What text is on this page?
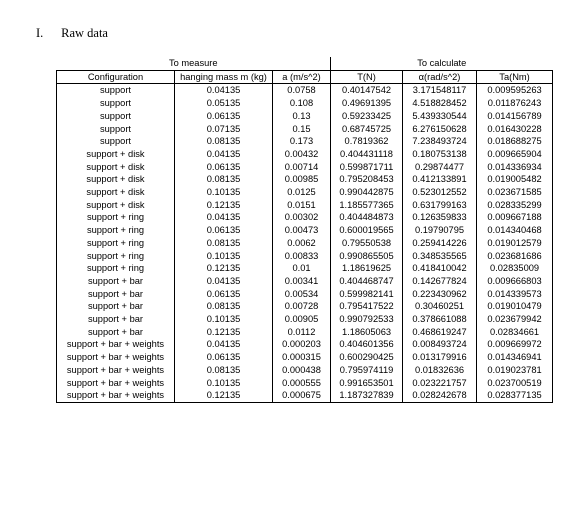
I. Raw data
To measure			To calculate		
Configuration	hanging mass m (kg)	a (m/s^2)	T(N)	α(rad/s^2)	Ta(Nm)
support	0.04135	0.0758	0.40147542	3.171548117	0.009595263
support	0.05135	0.108	0.49691395	4.518828452	0.011876243
support	0.06135	0.13	0.59233425	5.439330544	0.014156789
support	0.07135	0.15	0.68745725	6.276150628	0.016430228
support	0.08135	0.173	0.7819362	7.238493724	0.018688275
support + disk	0.04135	0.00432	0.404431118	0.180753138	0.009665904
support + disk	0.06135	0.00714	0.599871711	0.29874477	0.014336934
support + disk	0.08135	0.00985	0.795208453	0.412133891	0.019005482
support + disk	0.10135	0.0125	0.990442875	0.523012552	0.023671585
support + disk	0.12135	0.0151	1.185577365	0.631799163	0.028335299
support + ring	0.04135	0.00302	0.404484873	0.126359833	0.009667188
support + ring	0.06135	0.00473	0.600019565	0.19790795	0.014340468
support + ring	0.08135	0.0062	0.79550538	0.259414226	0.019012579
support + ring	0.10135	0.00833	0.990865505	0.348535565	0.023681686
support + ring	0.12135	0.01	1.18619625	0.418410042	0.02835009
support + bar	0.04135	0.00341	0.404468747	0.142677824	0.009666803
support + bar	0.06135	0.00534	0.599982141	0.223430962	0.014339573
support + bar	0.08135	0.00728	0.795417522	0.30460251	0.019010479
support + bar	0.10135	0.00905	0.990792533	0.378661088	0.023679942
support + bar	0.12135	0.0112	1.18605063	0.468619247	0.02834661
support + bar + weights	0.04135	0.000203	0.404601356	0.008493724	0.009669972
support + bar + weights	0.06135	0.000315	0.600290425	0.013179916	0.014346941
support + bar + weights	0.08135	0.000438	0.795974119	0.01832636	0.019023781
support + bar + weights	0.10135	0.000555	0.991653501	0.023221757	0.023700519
support + bar + weights	0.12135	0.000675	1.187327839	0.028242678	0.028377135
